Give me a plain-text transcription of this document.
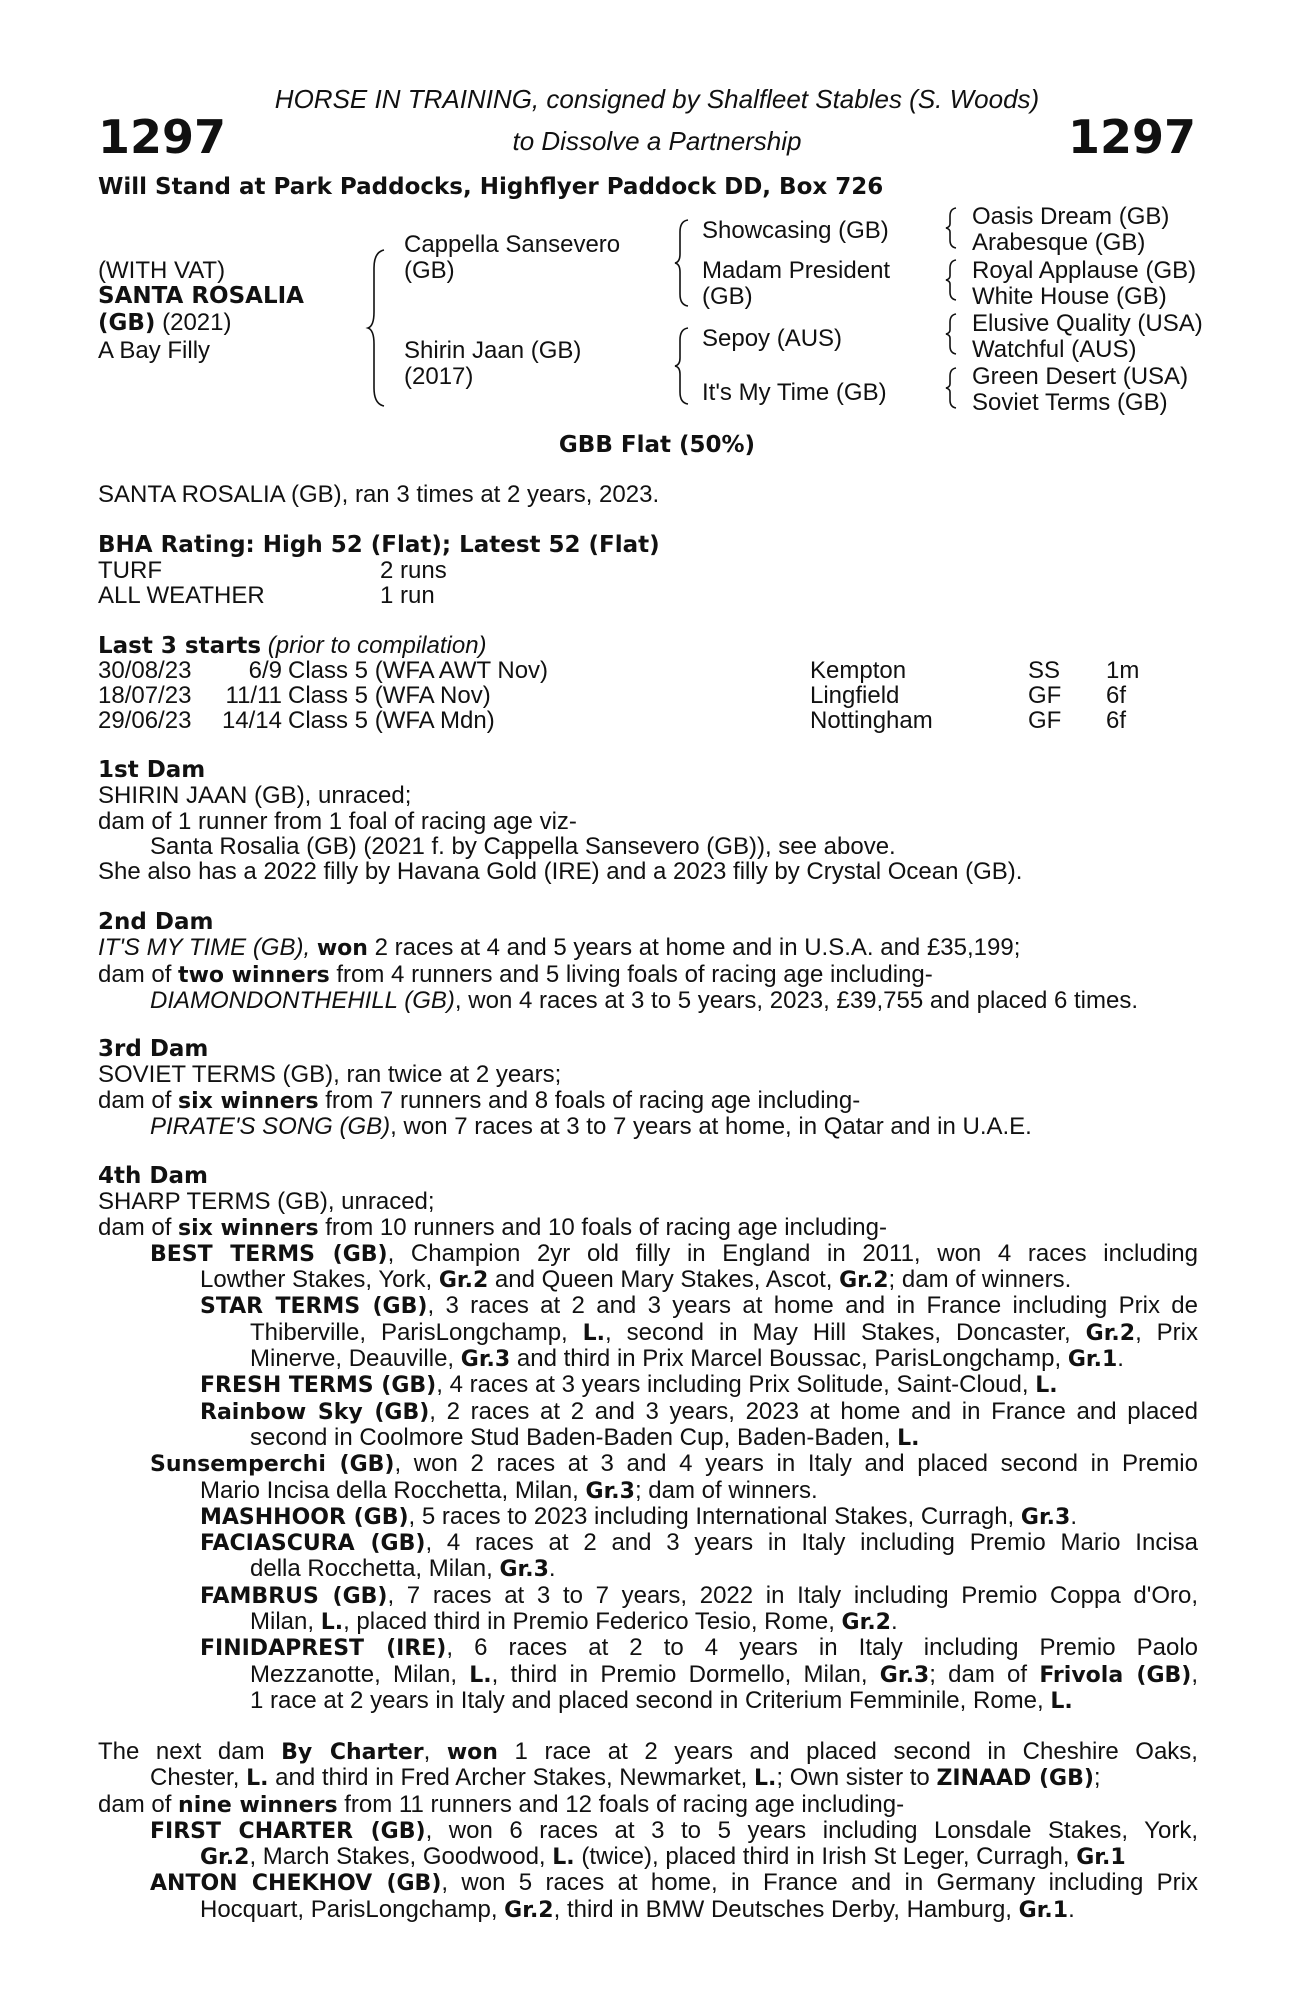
1297	1297
HORSE IN TRAINING, consigned by Shalfleet Stables (S. Woods)
to Dissolve a Partnership
Will Stand at Park Paddocks, Highflyer Paddock DD, Box 726
(WITH VAT)
SANTA ROSALIA
(GB) (2021)
A Bay Filly
Cappella Sansevero
(GB)
Shirin Jaan (GB)
(2017)
Showcasing (GB)
Madam President
(GB)
Sepoy (AUS)
It's My Time (GB)
Oasis Dream (GB)
Arabesque (GB)
Royal Applause (GB)
White House (GB)
Elusive Quality (USA)
Watchful (AUS)
Green Desert (USA)
Soviet Terms (GB)
GBB Flat (50%)
SANTA ROSALIA (GB), ran 3 times at 2 years, 2023.
BHA Rating: High 52 (Flat); Latest 52 (Flat)
TURF	2 runs
ALL WEATHER	1 run
Last 3 starts (prior to compilation)
30/08/23 6/9 Class 5 (WFA AWT Nov)	Kempton	SS 1m
18/07/23 11/11 Class 5 (WFA Nov)	Lingfield	GF 6f
29/06/23 14/14 Class 5 (WFA Mdn)	Nottingham	GF 6f
1st Dam
SHIRIN JAAN (GB), unraced;
dam of 1 runner from 1 foal of racing age viz-
Santa Rosalia (GB) (2021 f. by Cappella Sansevero (GB)), see above.
She also has a 2022 filly by Havana Gold (IRE) and a 2023 filly by Crystal Ocean (GB).
2nd Dam
IT'S MY TIME (GB), won 2 races at 4 and 5 years at home and in U.S.A. and £35,199;
dam of two winners from 4 runners and 5 living foals of racing age including-
DIAMONDONTHEHILL (GB), won 4 races at 3 to 5 years, 2023, £39,755 and placed 6 times.
3rd Dam
SOVIET TERMS (GB), ran twice at 2 years;
dam of six winners from 7 runners and 8 foals of racing age including-
PIRATE'S SONG (GB), won 7 races at 3 to 7 years at home, in Qatar and in U.A.E.
4th Dam
SHARP TERMS (GB), unraced;
dam of six winners from 10 runners and 10 foals of racing age including-
BEST TERMS (GB), Champion 2yr old filly in England in 2011, won 4 races including
Lowther Stakes, York, Gr.2 and Queen Mary Stakes, Ascot, Gr.2; dam of winners.
STAR TERMS (GB), 3 races at 2 and 3 years at home and in France including Prix de
Thiberville, ParisLongchamp, L., second in May Hill Stakes, Doncaster, Gr.2, Prix
Minerve, Deauville, Gr.3 and third in Prix Marcel Boussac, ParisLongchamp, Gr.1.
FRESH TERMS (GB), 4 races at 3 years including Prix Solitude, Saint-Cloud, L.
Rainbow Sky (GB), 2 races at 2 and 3 years, 2023 at home and in France and placed
second in Coolmore Stud Baden-Baden Cup, Baden-Baden, L.
Sunsemperchi (GB), won 2 races at 3 and 4 years in Italy and placed second in Premio
Mario Incisa della Rocchetta, Milan, Gr.3; dam of winners.
MASHHOOR (GB), 5 races to 2023 including International Stakes, Curragh, Gr.3.
FACIASCURA (GB), 4 races at 2 and 3 years in Italy including Premio Mario Incisa
della Rocchetta, Milan, Gr.3.
FAMBRUS (GB), 7 races at 3 to 7 years, 2022 in Italy including Premio Coppa d'Oro,
Milan, L., placed third in Premio Federico Tesio, Rome, Gr.2.
FINIDAPREST (IRE), 6 races at 2 to 4 years in Italy including Premio Paolo
Mezzanotte, Milan, L., third in Premio Dormello, Milan, Gr.3; dam of Frivola (GB),
1 race at 2 years in Italy and placed second in Criterium Femminile, Rome, L.
The next dam By Charter, won 1 race at 2 years and placed second in Cheshire Oaks,
Chester, L. and third in Fred Archer Stakes, Newmarket, L.; Own sister to ZINAAD (GB);
dam of nine winners from 11 runners and 12 foals of racing age including-
FIRST CHARTER (GB), won 6 races at 3 to 5 years including Lonsdale Stakes, York,
Gr.2, March Stakes, Goodwood, L. (twice), placed third in Irish St Leger, Curragh, Gr.1
ANTON CHEKHOV (GB), won 5 races at home, in France and in Germany including Prix
Hocquart, ParisLongchamp, Gr.2, third in BMW Deutsches Derby, Hamburg, Gr.1.
